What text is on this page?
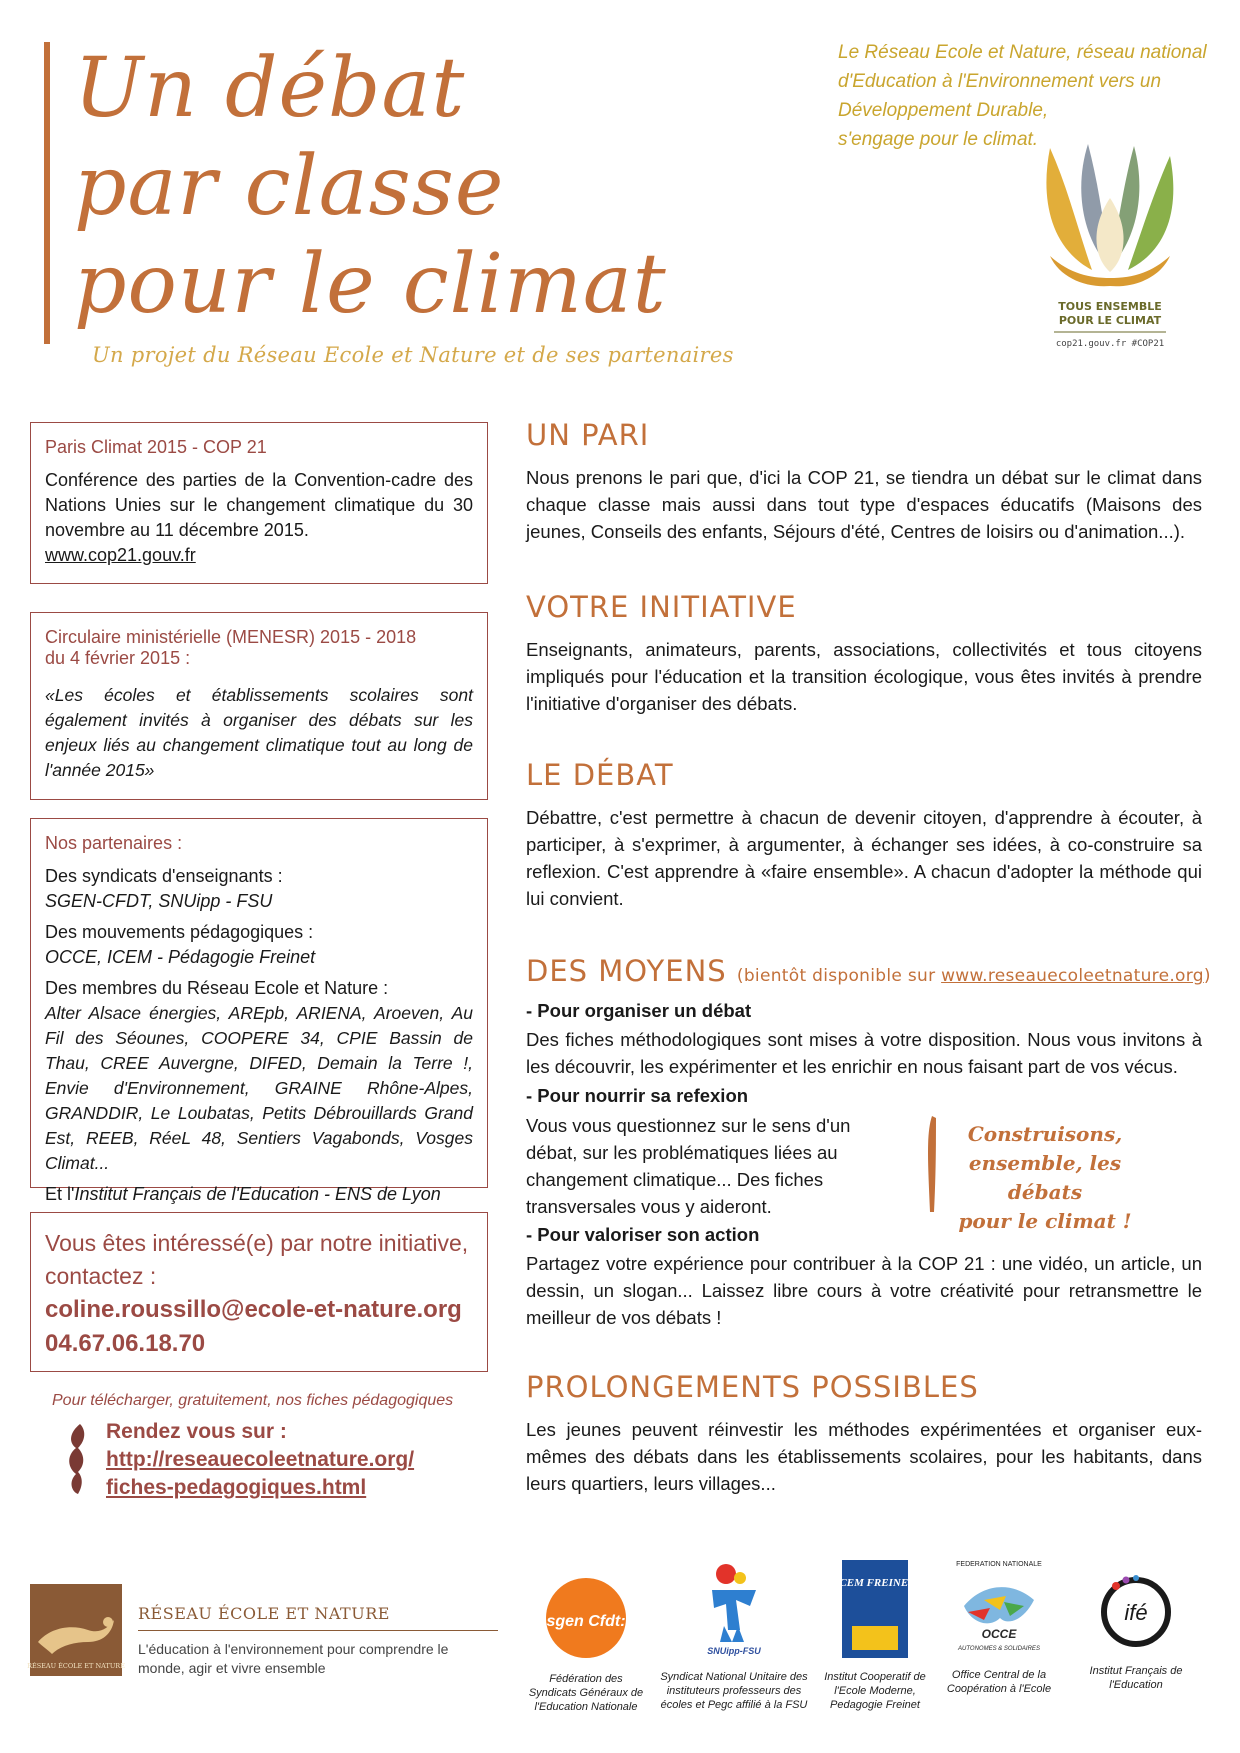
Un débat
par classe
pour le climat
Un projet du Réseau Ecole et Nature et de ses partenaires
Le Réseau Ecole et Nature, réseau national
d'Education à l'Environnement vers un
Développement Durable,
s'engage pour le climat.
TOUS ENSEMBLE
POUR LE CLIMAT
cop21.gouv.fr #COP21
Paris Climat 2015 - COP 21

Conférence des parties de la Convention-cadre des Nations Unies sur le changement climatique du 30 novembre au 11 décembre 2015.

www.cop21.gouv.fr

Circulaire ministérielle (MENESR) 2015 - 2018
du 4 février 2015 :

«Les écoles et établissements scolaires sont également invités à organiser des débats sur les enjeux liés au changement climatique tout au long de l'année 2015»

Nos partenaires :

Des syndicats d'enseignants :

SGEN-CFDT, SNUipp - FSU

Des mouvements pédagogiques :

OCCE, ICEM - Pédagogie Freinet

Des membres du Réseau Ecole et Nature :

Alter Alsace énergies, AREpb, ARIENA, Aroeven, Au Fil des Séounes, COOPERE 34, CPIE Bassin de Thau, CREE Auvergne, DIFED, Demain la Terre !, Envie d'Environnement, GRAINE Rhône-Alpes, GRANDDIR, Le Loubatas, Petits Débrouillards Grand Est, REEB, RéeL 48, Sentiers Vagabonds, Vosges Climat...

Et l'Institut Français de l'Education - ENS de Lyon

Vous êtes intéressé(e) par notre initiative, contactez :
coline.roussillo@ecole-et-nature.org
04.67.06.18.70
Pour télécharger, gratuitement, nos fiches pédagogiques
Rendez vous sur :
http://reseauecoleetnature.org/
fiches-pedagogiques.html
UN PARI

Nous prenons le pari que, d'ici la COP 21, se tiendra un débat sur le climat dans chaque classe mais aussi dans tout type d'espaces éducatifs (Maisons des jeunes, Conseils des enfants, Séjours d'été, Centres de loisirs ou d'animation...).

VOTRE INITIATIVE

Enseignants, animateurs, parents, associations, collectivités et tous citoyens impliqués pour l'éducation et la transition écologique, vous êtes invités à prendre l'initiative d'organiser des débats.

LE DÉBAT

Débattre, c'est permettre à chacun de devenir citoyen, d'apprendre à écouter, à participer, à s'exprimer, à argumenter, à échanger ses idées, à co-construire sa reflexion. C'est apprendre à «faire ensemble». A chacun d'adopter la méthode qui lui convient.

DES MOYENS (bientôt disponible sur www.reseauecoleetnature.org)

- Pour organiser un débat

Des fiches méthodologiques sont mises à votre disposition. Nous vous invitons à les découvrir, les expérimenter et les enrichir en nous faisant part de vos vécus.

- Pour nourrir sa refexion

Vous vous questionnez sur le sens d'un débat, sur les problématiques liées au changement climatique... Des fiches transversales vous y aideront.

Construisons,
ensemble, les débats
pour le climat !

- Pour valoriser son action

Partagez votre expérience pour contribuer à la COP 21 : une vidéo, un article, un dessin, un slogan... Laissez libre cours à votre créativité pour retransmettre le meilleur de vos débats !

PROLONGEMENTS POSSIBLES

Les jeunes peuvent réinvestir les méthodes expérimentées et organiser eux-mêmes des débats dans les établissements scolaires, pour les habitants, dans leurs quartiers, leurs villages...

RÉSEAU ÉCOLE ET NATURE
RÉSEAU ÉCOLE ET NATURE
L'éducation à l'environnement pour comprendre le monde, agir et vivre ensemble
sgen Cfdt:
Fédération des Syndicats Généraux de l'Education Nationale
SNUipp-FSU
Syndicat National Unitaire des instituteurs professeurs des écoles et Pegc affilié à la FSU
ICEM FREINET
Institut Cooperatif de l'Ecole Moderne, Pedagogie Freinet
FEDERATION NATIONALE
OCCE
AUTONOMES & SOLIDAIRES
Office Central de la Coopération à l'Ecole
ifé
Institut Français de l'Education
